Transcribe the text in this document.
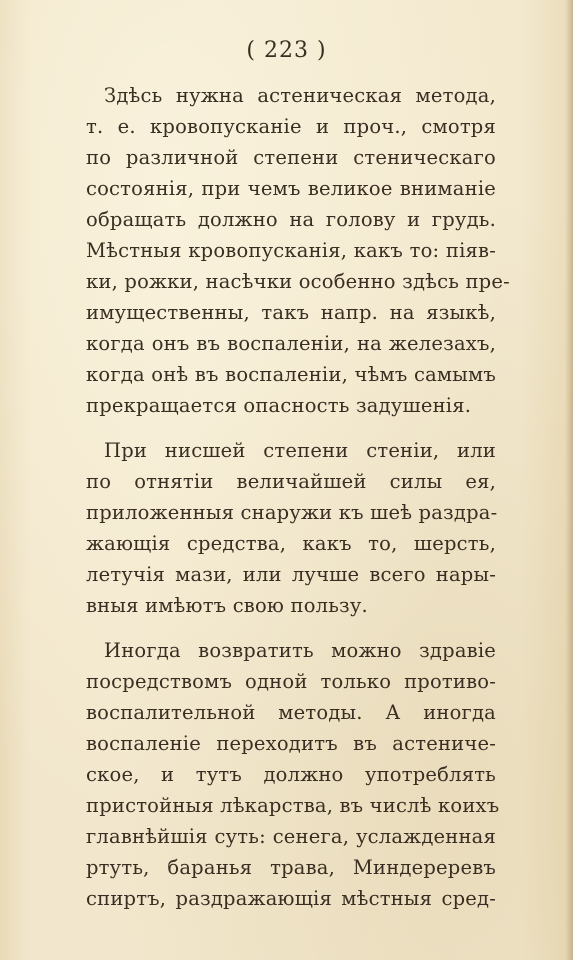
( 223 )
Здѣсь нужна астеническая метода,
т. е. кровопусканіе и проч., смотря
по различной степени стеническаго
состоянія, при чемъ великое вниманіе
обращать должно на голову и грудь.
Мѣстныя кровопусканія, какъ то: піяв-
ки, рожки, насѣчки особенно здѣсь пре-
имущественны, такъ напр. на языкѣ,
когда онъ въ воспаленіи, на железахъ,
когда онѣ въ воспаленіи, чѣмъ самымъ
прекращается опасность задушенія.
При нисшей степени стеніи, или
по отнятіи величайшей силы ея,
приложенныя снаружи къ шеѣ раздра-
жающія средства, какъ то, шерсть,
летучія мази, или лучше всего нары-
вныя имѣютъ свою пользу.
Иногда возвратить можно здравіе
посредствомъ одной только противо-
воспалительной методы. А иногда
воспаленіе переходитъ въ астениче-
ское, и тутъ должно употреблять
пристойныя лѣкарства, въ числѣ коихъ
главнѣйшія суть: сенега, услажденная
ртуть, баранья трава, Миндереревъ
спиртъ, раздражающія мѣстныя сред-
